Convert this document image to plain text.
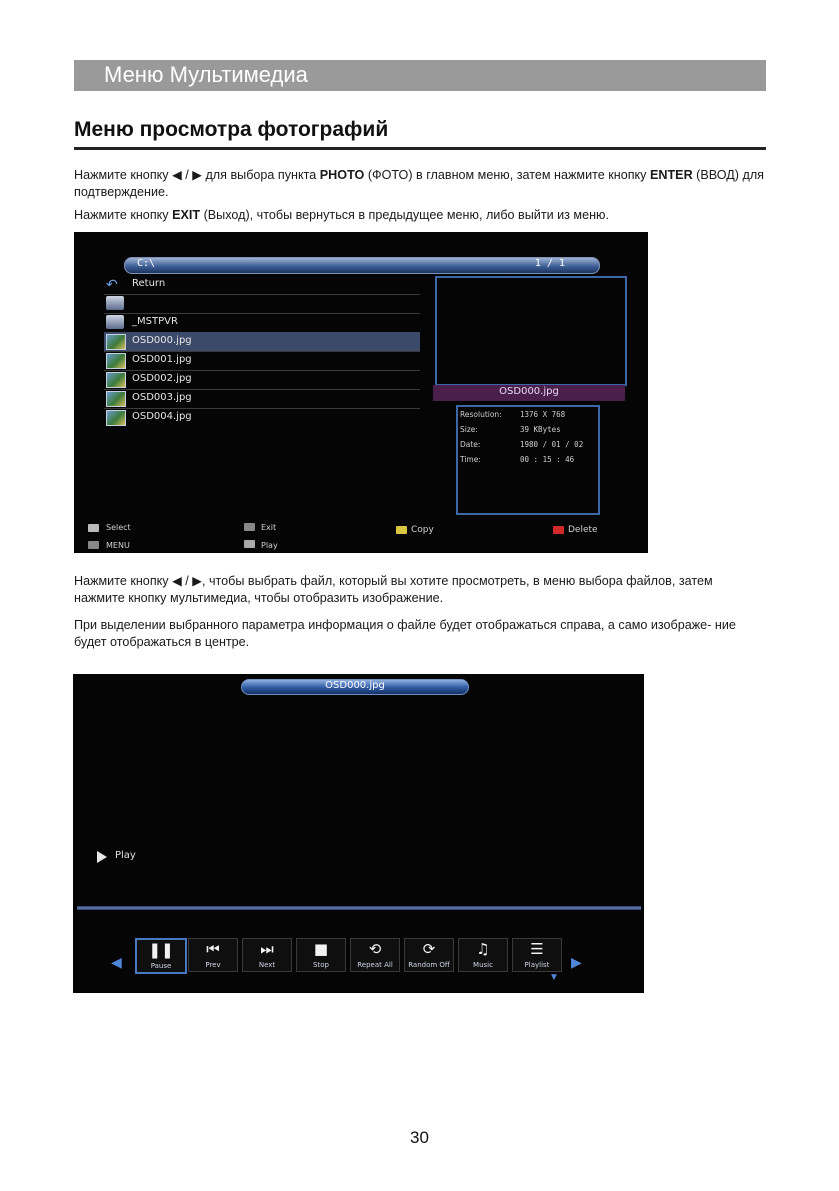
Меню Мультимедиа
Меню просмотра фотографий
Нажмите кнопку ◀ / ▶ для выбора пункта PHOTO (ФОТО) в главном меню, затем нажмите кнопку ENTER (ВВОД) для подтверждение.
Нажмите кнопку EXIT (Выход), чтобы вернуться в предыдущее меню, либо выйти из меню.
C:\	1 / 1
↶	Return
_MSTPVR
OSD000.jpg
OSD001.jpg
OSD002.jpg
OSD003.jpg
OSD004.jpg
OSD000.jpg
Resolution: 1376 X 768
Size:	39 KBytes
Date:	1980 / 01 / 02
Time:	00 : 15 : 46
Select
MENU
Exit
Play
Copy	Delete
Нажмите кнопку ◀ / ▶, чтобы выбрать файл, который вы хотите просмотреть, в меню выбора файлов, затем нажмите кнопку мультимедиа, чтобы отобразить изображение.
При выделении выбранного параметра информация о файле будет отображаться справа, а само изображе- ние будет отображаться в центре.
OSD000.jpg
Play
◀
❚❚
Pause
⏮
Prev
⏭
Next
■
Stop
⟲
Repeat All
⟳
Random Off
♫
Music
☰
Playlist	▶
▼
30
